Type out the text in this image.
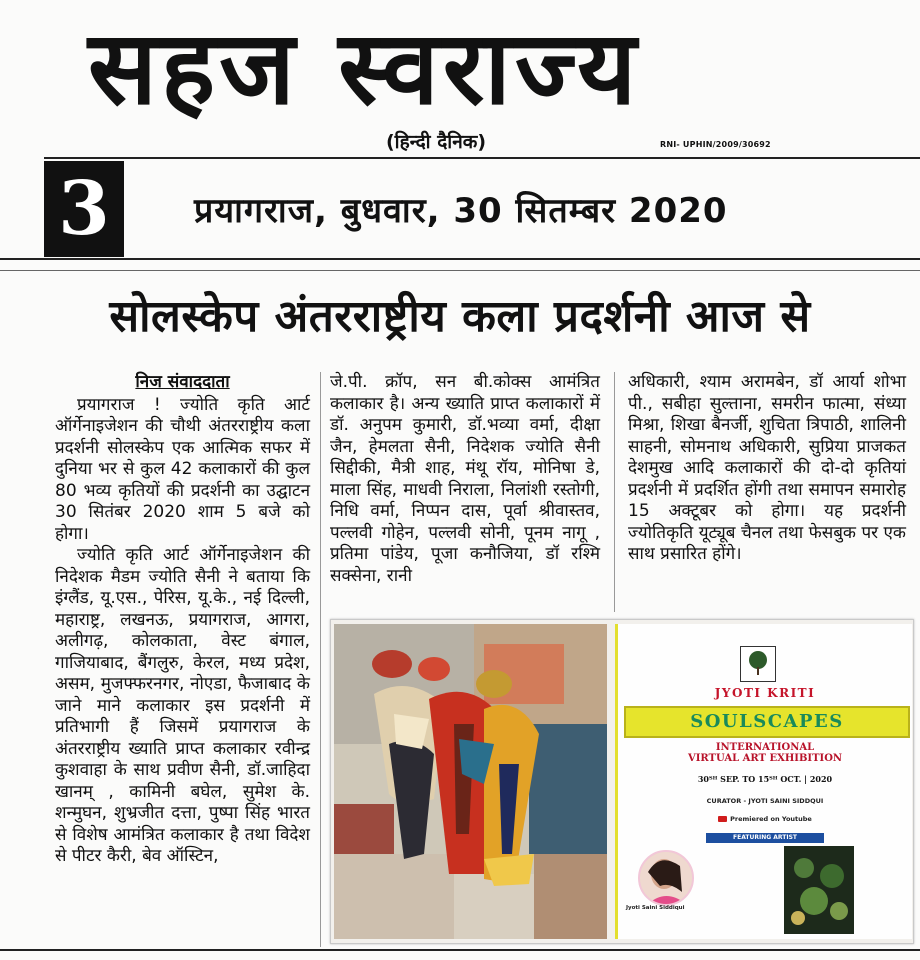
सहज स्वराज्य
(हिन्दी दैनिक)	RNI- UPHIN/2009/30692
3	प्रयागराज, बुधवार, 30 सितम्बर 2020
सोलस्केप अंतरराष्ट्रीय कला प्रदर्शनी आज से
निज संवाददाता

प्रयागराज ! ज्योति कृति आर्ट ऑर्गेनाइजेशन की चौथी अंतरराष्ट्रीय कला प्रदर्शनी सोलस्केप एक आत्मिक सफर में दुनिया भर से कुल 42 कलाकारों की कुल 80 भव्य कृतियों की प्रदर्शनी का उद्घाटन 30 सितंबर 2020 शाम 5 बजे को होगा।

ज्योति कृति आर्ट ऑर्गेनाइजेशन की निदेशक मैडम ज्योति सैनी ने बताया कि इंग्लैंड, यू.एस., पेरिस, यू.के., नई दिल्ली, महाराष्ट्र, लखनऊ, प्रयागराज, आगरा, अलीगढ़, कोलकाता, वेस्ट बंगाल, गाजियाबाद, बैंगलुरु, केरल, मध्य प्रदेश, असम, मुजफ्फरनगर, नोएडा, फैजाबाद के जाने माने कलाकार इस प्रदर्शनी में प्रतिभागी हैं जिसमें प्रयागराज के अंतरराष्ट्रीय ख्याति प्राप्त कलाकार रवीन्द्र कुशवाहा के साथ प्रवीण सैनी, डॉ.जाहिदा खानम् , कामिनी बघेल, सुमेश के. शन्मुघन, शुभ्रजीत दत्ता, पुष्पा सिंह भारत से विशेष आमंत्रित कलाकार है तथा विदेश से पीटर कैरी, बेव ऑस्टिन,

जे.पी. क्रॉप, सन बी.कोक्स आमंत्रित कलाकार है। अन्य ख्याति प्राप्त कलाकारों में डॉ. अनुपम कुमारी, डॉ.भव्या वर्मा, दीक्षा जैन, हेमलता सैनी, निदेशक ज्योति सैनी सिद्दीकी, मैत्री शाह, मंथू रॉय, मोनिषा डे, माला सिंह, माधवी निराला, निलांशी रस्तोगी, निधि वर्मा, निप्पन दास, पूर्वा श्रीवास्तव, पल्लवी गोहेन, पल्लवी सोनी, पूनम नागू , प्रतिमा पांडेय, पूजा कनौजिया, डॉ रश्मि सक्सेना, रानी

अधिकारी, श्याम अरामबेन, डॉ आर्या शोभा पी., सबीहा सुल्ताना, समरीन फात्मा, संध्या मिश्रा, शिखा बैनर्जी, शुचिता त्रिपाठी, शालिनी साहनी, सोमनाथ अधिकारी, सुप्रिया प्राजकत देशमुख आदि कलाकारों की दो-दो कृतियां प्रदर्शनी में प्रदर्शित होंगी तथा समापन समारोह 15 अक्टूबर को होगा। यह प्रदर्शनी ज्योतिकृति यूट्यूब चैनल तथा फेसबुक पर एक साथ प्रसारित होंगे।

JYOTI KRITI
SOULSCAPES
INTERNATIONAL
VIRTUAL ART EXHIBITION
30ᵀᴴ SEP. TO 15ᵀᴴ OCT. | 2020
CURATOR - JYOTI SAINI SIDDQUI
Premiered on Youtube
FEATURING ARTIST
Jyoti Saini Siddiqui
